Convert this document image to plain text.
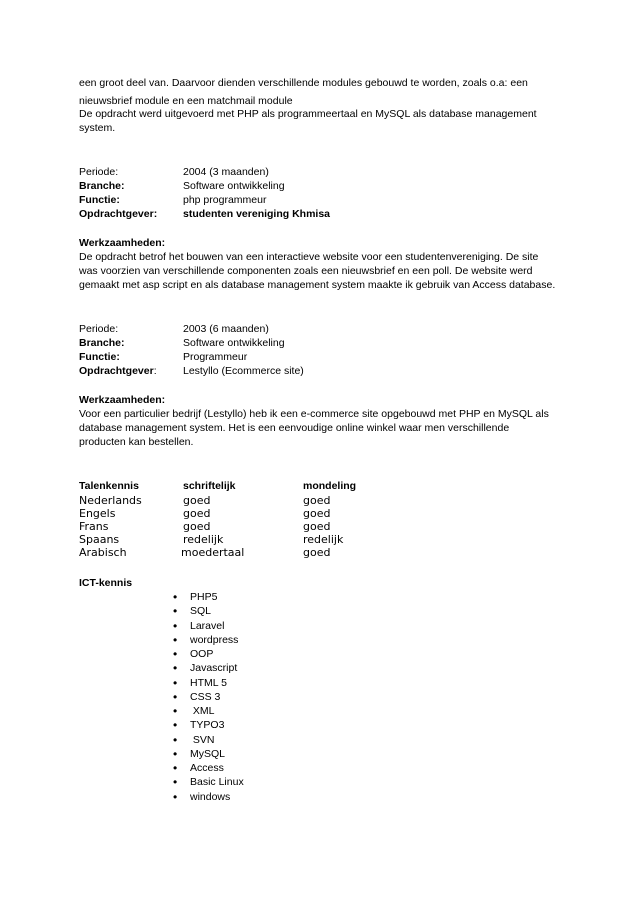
een groot deel van. Daarvoor dienden verschillende modules gebouwd te worden, zoals o.a: een
nieuwsbrief module en een matchmail module
De opdracht werd uitgevoerd met PHP als programmeertaal en MySQL als database management
system.
Periode:	2004 (3 maanden)
Branche:	Software ontwikkeling
Functie:	php programmeur
Opdrachtgever: studenten vereniging Khmisa
Werkzaamheden:
De opdracht betrof het bouwen van een interactieve website voor een studentenvereniging. De site
was voorzien van verschillende componenten zoals een nieuwsbrief en een poll. De website werd
gemaakt met asp script en als database management system maakte ik gebruik van Access database.
Periode:	2003 (6 maanden)
Branche:	Software ontwikkeling
Functie:	Programmeur
Opdrachtgever:	Lestyllo (Ecommerce site)
Werkzaamheden:
Voor een particulier bedrijf (Lestyllo) heb ik een e-commerce site opgebouwd met PHP en MySQL als
database management system. Het is een eenvoudige online winkel waar men verschillende
producten kan bestellen.
Talenkennis	schriftelijk	mondeling
Nederlands	goed	goed
Engels	goed	goed
Frans	goed	goed
Spaans	redelijk	redelijk
Arabisch	moedertaal	goed
ICT-kennis
• PHP5
• SQL
• Laravel
• wordpress
• OOP
• Javascript
• HTML 5
• CSS 3
• XML
• TYPO3
• SVN
• MySQL
• Access
• Basic Linux
• windows
